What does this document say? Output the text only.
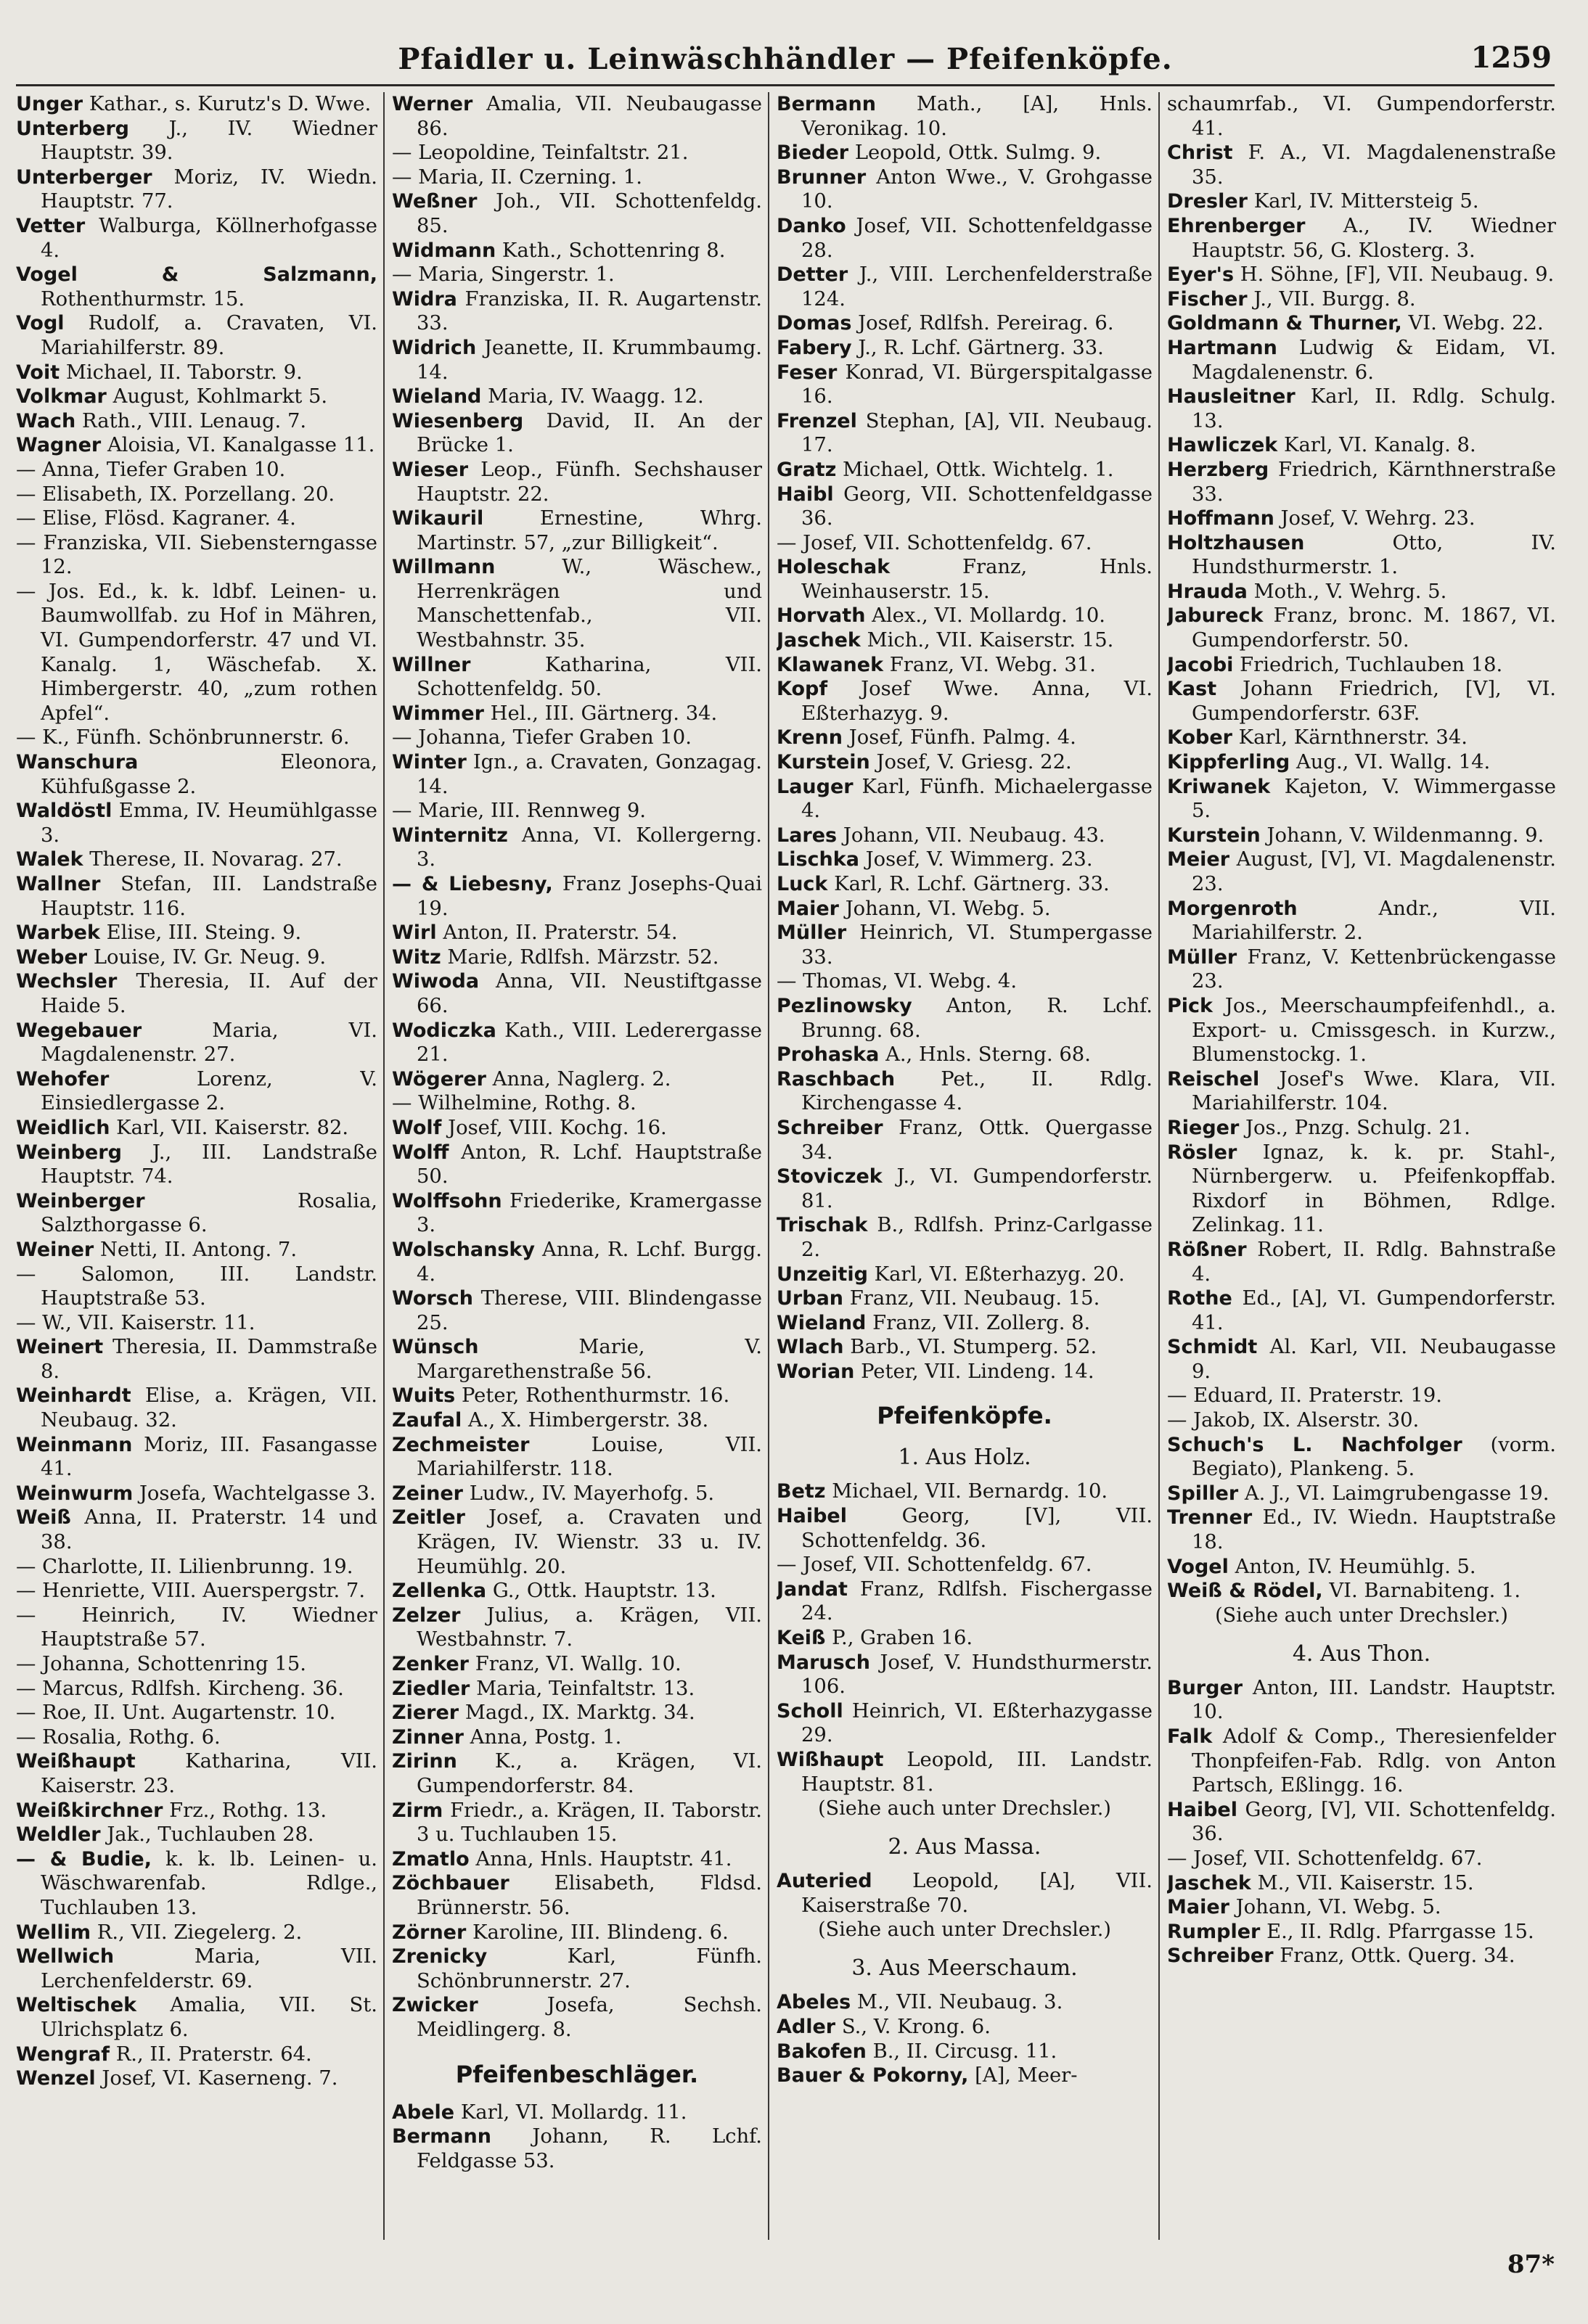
Pfaidler u. Leinwäschhändler — Pfeifenköpfe.	1259
Unger Kathar., s. Kurutz's D. Wwe.
Unterberg J., IV. Wiedner Hauptstr. 39.
Unterberger Moriz, IV. Wiedn. Hauptstr. 77.
Vetter Walburga, Köllnerhofgasse 4.
Vogel & Salzmann, Rothenthurmstr. 15.
Vogl Rudolf, a. Cravaten, VI. Mariahilferstr. 89.
Voit Michael, II. Taborstr. 9.
Volkmar August, Kohlmarkt 5.
Wach Rath., VIII. Lenaug. 7.
Wagner Aloisia, VI. Kanalgasse 11.
— Anna, Tiefer Graben 10.
— Elisabeth, IX. Porzellang. 20.
— Elise, Flösd. Kagraner. 4.
— Franziska, VII. Siebensterngasse 12.
— Jos. Ed., k. k. ldbf. Leinen- u. Baumwollfab. zu Hof in Mähren, VI. Gumpendorferstr. 47 und VI. Kanalg. 1, Wäschefab. X. Himbergerstr. 40, „zum rothen Apfel“.
— K., Fünfh. Schönbrunnerstr. 6.
Wanschura	Eleonora, Kühfußgasse 2.
Waldöstl Emma, IV. Heumühlgasse 3.
Walek Therese, II. Novarag. 27.
Wallner Stefan, III. Landstraße Hauptstr. 116.
Warbek Elise, III. Steing. 9.
Weber Louise, IV. Gr. Neug. 9.
Wechsler Theresia, II. Auf der Haide 5.
Wegebauer	Maria, VI. Magdalenenstr. 27.
Wehofer	Lorenz, V. Einsiedlergasse 2.
Weidlich Karl, VII. Kaiserstr. 82.
Weinberg J., III. Landstraße Hauptstr. 74.
Weinberger	Rosalia, Salzthorgasse 6.
Weiner Netti, II. Antong. 7.
— Salomon, III. Landstr. Hauptstraße 53.
— W., VII. Kaiserstr. 11.
Weinert Theresia, II. Dammstraße 8.
Weinhardt Elise, a. Krägen, VII. Neubaug. 32.
Weinmann Moriz, III. Fasangasse 41.
Weinwurm Josefa, Wachtelgasse 3.
Weiß Anna, II. Praterstr. 14 und 38.
— Charlotte, II. Lilienbrunng. 19.
— Henriette, VIII. Auerspergstr. 7.
— Heinrich, IV. Wiedner Hauptstraße 57.
— Johanna, Schottenring 15.
— Marcus, Rdlfsh. Kircheng. 36.
— Roe, II. Unt. Augartenstr. 10.
— Rosalia, Rothg. 6.
Weißhaupt Katharina, VII. Kaiserstr. 23.
Weißkirchner Frz., Rothg. 13.
Weldler Jak., Tuchlauben 28.
— & Budie, k. k. lb. Leinen- u. Wäschwarenfab. Rdlge., Tuchlauben 13.
Wellim R., VII. Ziegelerg. 2.
Wellwich	Maria, VII. Lerchenfelderstr. 69.
Weltischek Amalia, VII. St. Ulrichsplatz 6.
Wengraf R., II. Praterstr. 64.
Wenzel Josef, VI. Kaserneng. 7.
Werner Amalia, VII. Neubaugasse 86.
— Leopoldine, Teinfaltstr. 21.
— Maria, II. Czerning. 1.
Weßner Joh., VII. Schottenfeldg. 85.
Widmann Kath., Schottenring 8.
— Maria, Singerstr. 1.
Widra Franziska, II. R. Augartenstr. 33.
Widrich Jeanette, II. Krummbaumg. 14.
Wieland Maria, IV. Waagg. 12.
Wiesenberg David, II. An der Brücke 1.
Wieser Leop., Fünfh. Sechshauser Hauptstr. 22.
Wikauril	Ernestine, Whrg. Martinstr. 57, „zur Billigkeit“.
Willmann	W., Wäschew., Herrenkrägen und Manschettenfab., VII. Westbahnstr. 35.
Willner	Katharina, VII. Schottenfeldg. 50.
Wimmer Hel., III. Gärtnerg. 34.
— Johanna, Tiefer Graben 10.
Winter Ign., a. Cravaten, Gonzagag. 14.
— Marie, III. Rennweg 9.
Winternitz Anna, VI. Kollergerng. 3.
— & Liebesny, Franz Josephs-Quai 19.
Wirl Anton, II. Praterstr. 54.
Witz Marie, Rdlfsh. Märzstr. 52.
Wiwoda Anna, VII. Neustiftgasse 66.
Wodiczka Kath., VIII. Lederergasse 21.
Wögerer Anna, Naglerg. 2.
— Wilhelmine, Rothg. 8.
Wolf Josef, VIII. Kochg. 16.
Wolff Anton, R. Lchf. Hauptstraße 50.
Wolffsohn Friederike, Kramergasse 3.
Wolschansky Anna, R. Lchf. Burgg. 4.
Worsch Therese, VIII. Blindengasse 25.
Wünsch	Marie, V. Margarethenstraße 56.
Wuits Peter, Rothenthurmstr. 16.
Zaufal A., X. Himbergerstr. 38.
Zechmeister	Louise, VII. Mariahilferstr. 118.
Zeiner Ludw., IV. Mayerhofg. 5.
Zeitler Josef, a. Cravaten und Krägen, IV. Wienstr. 33 u. IV. Heumühlg. 20.
Zellenka G., Ottk. Hauptstr. 13.
Zelzer Julius, a. Krägen, VII. Westbahnstr. 7.
Zenker Franz, VI. Wallg. 10.
Ziedler Maria, Teinfaltstr. 13.
Zierer Magd., IX. Marktg. 34.
Zinner Anna, Postg. 1.
Zirinn K., a. Krägen, VI. Gumpendorferstr. 84.
Zirm Friedr., a. Krägen, II. Taborstr. 3 u. Tuchlauben 15.
Zmatlo Anna, Hnls. Hauptstr. 41.
Zöchbauer Elisabeth, Fldsd. Brünnerstr. 56.
Zörner Karoline, III. Blindeng. 6.
Zrenicky	Karl, Fünfh. Schönbrunnerstr. 27.
Zwicker	Josefa, Sechsh. Meidlingerg. 8.
Pfeifenbeschläger.
Abele Karl, VI. Mollardg. 11.
Bermann Johann, R. Lchf. Feldgasse 53.
Bermann Math., [A], Hnls. Veronikag. 10.
Bieder Leopold, Ottk. Sulmg. 9.
Brunner Anton Wwe., V. Grohgasse 10.
Danko Josef, VII. Schottenfeldgasse 28.
Detter J., VIII. Lerchenfelderstraße 124.
Domas Josef, Rdlfsh. Pereirag. 6.
Fabery J., R. Lchf. Gärtnerg. 33.
Feser Konrad, VI. Bürgerspitalgasse 16.
Frenzel Stephan, [A], VII. Neubaug. 17.
Gratz Michael, Ottk. Wichtelg. 1.
Haibl Georg, VII. Schottenfeldgasse 36.
— Josef, VII. Schottenfeldg. 67.
Holeschak	Franz, Hnls. Weinhauserstr. 15.
Horvath Alex., VI. Mollardg. 10.
Jaschek Mich., VII. Kaiserstr. 15.
Klawanek Franz, VI. Webg. 31.
Kopf Josef Wwe. Anna, VI. Eßterhazyg. 9.
Krenn Josef, Fünfh. Palmg. 4.
Kurstein Josef, V. Griesg. 22.
Lauger Karl, Fünfh. Michaelergasse 4.
Lares Johann, VII. Neubaug. 43.
Lischka Josef, V. Wimmerg. 23.
Luck Karl, R. Lchf. Gärtnerg. 33.
Maier Johann, VI. Webg. 5.
Müller Heinrich, VI. Stumpergasse 33.
— Thomas, VI. Webg. 4.
Pezlinowsky Anton, R. Lchf. Brunng. 68.
Prohaska A., Hnls. Sterng. 68.
Raschbach Pet., II. Rdlg. Kirchengasse 4.
Schreiber Franz, Ottk. Quergasse 34.
Stoviczek J., VI. Gumpendorferstr. 81.
Trischak B., Rdlfsh. Prinz-Carlgasse 2.
Unzeitig Karl, VI. Eßterhazyg. 20.
Urban Franz, VII. Neubaug. 15.
Wieland Franz, VII. Zollerg. 8.
Wlach Barb., VI. Stumperg. 52.
Worian Peter, VII. Lindeng. 14.
Pfeifenköpfe.
1. Aus Holz.
Betz Michael, VII. Bernardg. 10.
Haibel	Georg, [V], VII. Schottenfeldg. 36.
— Josef, VII. Schottenfeldg. 67.
Jandat Franz, Rdlfsh. Fischergasse 24.
Keiß P., Graben 16.
Marusch Josef, V. Hundsthurmerstr. 106.
Scholl Heinrich, VI. Eßterhazygasse 29.
Wißhaupt Leopold, III. Landstr. Hauptstr. 81.
(Siehe auch unter Drechsler.)
2. Aus Massa.
Auteried Leopold, [A], VII. Kaiserstraße 70.
(Siehe auch unter Drechsler.)
3. Aus Meerschaum.
Abeles M., VII. Neubaug. 3.
Adler S., V. Krong. 6.
Bakofen B., II. Circusg. 11.
Bauer & Pokorny, [A], Meer-
schaumrfab., VI. Gumpendorferstr. 41.
Christ F. A., VI. Magdalenenstraße 35.
Dresler Karl, IV. Mittersteig 5.
Ehrenberger A., IV. Wiedner Hauptstr. 56, G. Klosterg. 3.
Eyer's H. Söhne, [F], VII. Neubaug. 9.
Fischer J., VII. Burgg. 8.
Goldmann & Thurner, VI. Webg. 22.
Hartmann Ludwig & Eidam, VI. Magdalenenstr. 6.
Hausleitner Karl, II. Rdlg. Schulg. 13.
Hawliczek Karl, VI. Kanalg. 8.
Herzberg Friedrich, Kärnthnerstraße 33.
Hoffmann Josef, V. Wehrg. 23.
Holtzhausen	Otto, IV. Hundsthurmerstr. 1.
Hrauda Moth., V. Wehrg. 5.
Jabureck Franz, bronc. M. 1867, VI. Gumpendorferstr. 50.
Jacobi Friedrich, Tuchlauben 18.
Kast Johann Friedrich, [V], VI. Gumpendorferstr. 63F.
Kober Karl, Kärnthnerstr. 34.
Kippferling Aug., VI. Wallg. 14.
Kriwanek Kajeton, V. Wimmergasse 5.
Kurstein Johann, V. Wildenmanng. 9.
Meier August, [V], VI. Magdalenenstr. 23.
Morgenroth	Andr., VII. Mariahilferstr. 2.
Müller Franz, V. Kettenbrückengasse 23.
Pick Jos., Meerschaumpfeifenhdl., a. Export- u. Cmissgesch. in Kurzw., Blumenstockg. 1.
Reischel Josef's Wwe. Klara, VII. Mariahilferstr. 104.
Rieger Jos., Pnzg. Schulg. 21.
Rösler Ignaz, k. k. pr. Stahl-, Nürnbergerw. u. Pfeifenkopffab. Rixdorf in Böhmen, Rdlge. Zelinkag. 11.
Rößner Robert, II. Rdlg. Bahnstraße 4.
Rothe Ed., [A], VI. Gumpendorferstr. 41.
Schmidt Al. Karl, VII. Neubaugasse 9.
— Eduard, II. Praterstr. 19.
— Jakob, IX. Alserstr. 30.
Schuch's L. Nachfolger (vorm. Begiato), Plankeng. 5.
Spiller A. J., VI. Laimgrubengasse 19.
Trenner Ed., IV. Wiedn. Hauptstraße 18.
Vogel Anton, IV. Heumühlg. 5.
Weiß & Rödel, VI. Barnabiteng. 1.
(Siehe auch unter Drechsler.)
4. Aus Thon.
Burger Anton, III. Landstr. Hauptstr. 10.
Falk Adolf & Comp., Theresienfelder Thonpfeifen-Fab. Rdlg. von Anton Partsch, Eßlingg. 16.
Haibel Georg, [V], VII. Schottenfeldg. 36.
— Josef, VII. Schottenfeldg. 67.
Jaschek M., VII. Kaiserstr. 15.
Maier Johann, VI. Webg. 5.
Rumpler E., II. Rdlg. Pfarrgasse 15.
Schreiber Franz, Ottk. Querg. 34.
87*
